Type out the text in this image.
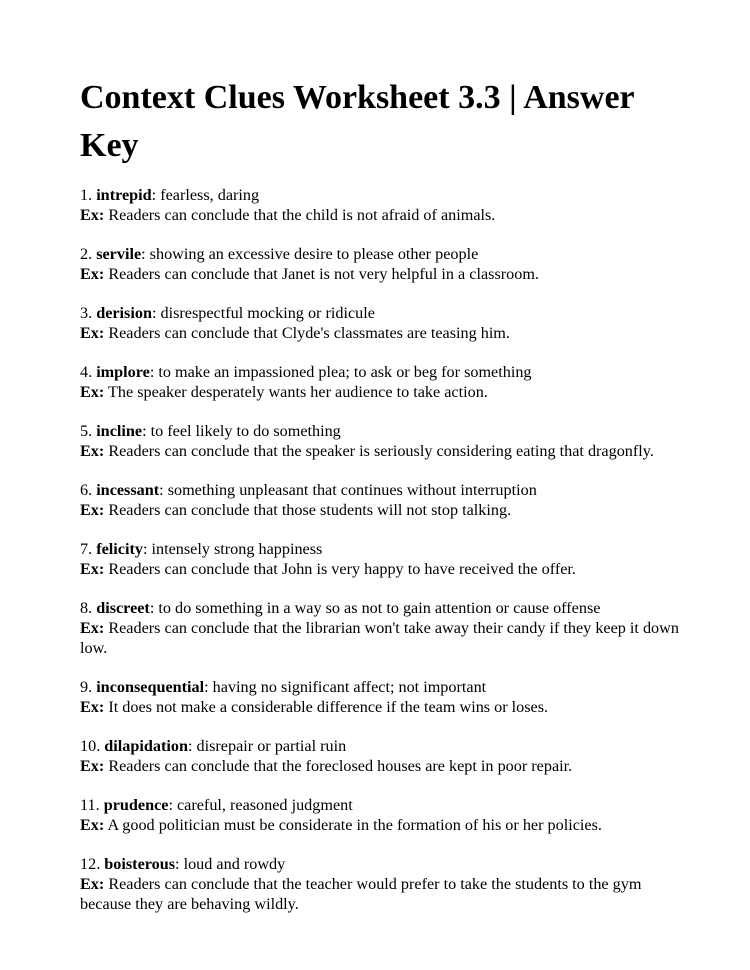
Context Clues Worksheet 3.3 | Answer Key
1. intrepid: fearless, daring
Ex: Readers can conclude that the child is not afraid of animals.
2. servile: showing an excessive desire to please other people
Ex: Readers can conclude that Janet is not very helpful in a classroom.
3. derision: disrespectful mocking or ridicule
Ex: Readers can conclude that Clyde's classmates are teasing him.
4. implore: to make an impassioned plea; to ask or beg for something
Ex: The speaker desperately wants her audience to take action.
5. incline: to feel likely to do something
Ex: Readers can conclude that the speaker is seriously considering eating that dragonfly.
6. incessant: something unpleasant that continues without interruption
Ex: Readers can conclude that those students will not stop talking.
7. felicity: intensely strong happiness
Ex: Readers can conclude that John is very happy to have received the offer.
8. discreet: to do something in a way so as not to gain attention or cause offense
Ex: Readers can conclude that the librarian won't take away their candy if they keep it down low.
9. inconsequential: having no significant affect; not important
Ex: It does not make a considerable difference if the team wins or loses.
10. dilapidation: disrepair or partial ruin
Ex: Readers can conclude that the foreclosed houses are kept in poor repair.
11. prudence: careful, reasoned judgment
Ex: A good politician must be considerate in the formation of his or her policies.
12. boisterous: loud and rowdy
Ex: Readers can conclude that the teacher would prefer to take the students to the gym because they are behaving wildly.
